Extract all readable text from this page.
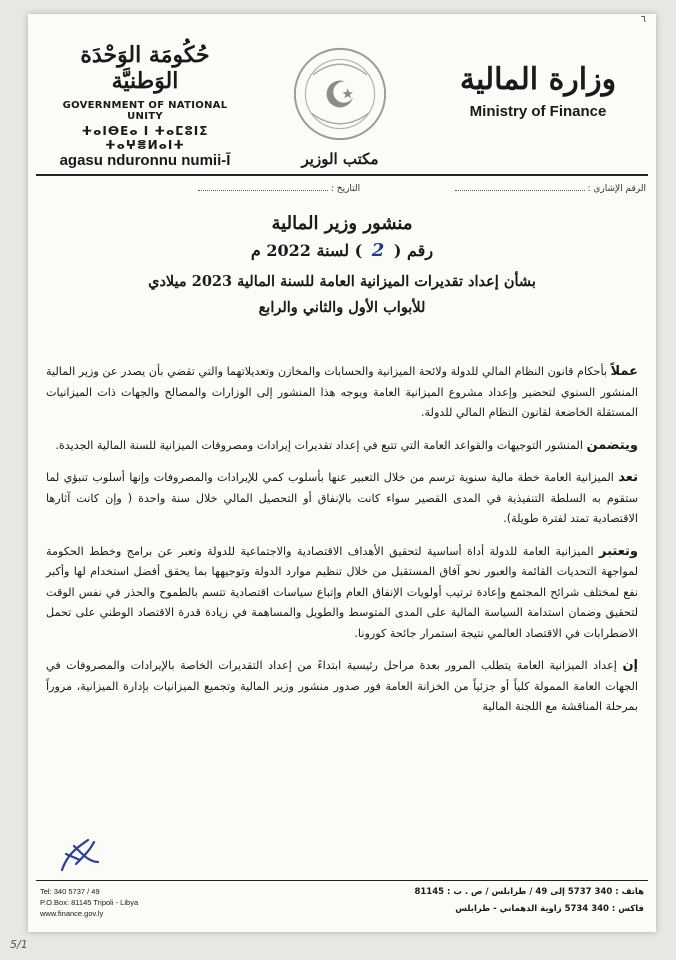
٦
حُكُومَة الوَحْدَة الوَطنيَّة
GOVERNMENT OF NATIONAL UNITY
ⵜⴰⵏⴱⴹⴰ ⵏ ⵜⴰⵎⵓⵏⵉ ⵜⴰⵖⴻⵍⴰⵏⵜ
agasu nduronnu numii-Ī	مكتب الوزير
وزارة المالية
Ministry of Finance
الرقم الإشاري :
التاريخ :
منشور وزير المالية
رقم ( 2 ) لسنة 2022 م
بشأن إعداد تقديرات الميزانية العامة للسنة المالية 2023 ميلادي
للأبواب الأول والثاني والرابع

عملاً بأحكام قانون النظام المالي للدولة ولائحة الميزانية والحسابات والمخازن وتعديلاتهما والتي تقضي بأن يصدر عن وزير المالية المنشور السنوي لتحضير وإعداد مشروع الميزانية العامة ويوجه هذا المنشور إلى الوزارات والمصالح والجهات ذات الميزانيات المستقلة الخاضعة لقانون النظام المالي للدولة.

ويتضمن المنشور التوجيهات والقواعد العامة التي تتبع في إعداد تقديرات إيرادات ومصروفات الميزانية للسنة المالية الجديدة.

تعد الميزانية العامة خطة مالية سنوية ترسم من خلال التعبير عنها بأسلوب كمي للإيرادات والمصروفات وإنها أسلوب تنبؤي لما ستقوم به السلطة التنفيذية في المدى القصير سواء كانت بالإنفاق أو التحصيل المالي خلال سنة واحدة ( وإن كانت آثارها الاقتصادية تمتد لفترة طويلة).

وتعتبر الميزانية العامة للدولة أداة أساسية لتحقيق الأهداف الاقتصادية والاجتماعية للدولة وتعبر عن برامج وخطط الحكومة لمواجهة التحديات القائمة والعبور نحو آفاق المستقبل من خلال تنظيم موارد الدولة وتوجيهها بما يحقق أفضل استخدام لها وأكبر نفع لمختلف شرائح المجتمع وإعادة ترتيب أولويات الإنفاق العام وإتباع سياسات اقتصادية تتسم بالطموح والحذر في نفس الوقت لتحقيق وضمان استدامة السياسة المالية على المدى المتوسط والطويل والمساهمة في زيادة قدرة الاقتصاد الوطني على تحمل الاضطرابات في الاقتصاد العالمي نتيجة استمرار جائحة كورونا.

إن إعداد الميزانية العامة يتطلب المرور بعدة مراحل رئيسية ابتداءً من إعداد التقديرات الخاصة بالإيرادات والمصروفات في الجهات العامة الممولة كلياً أو جزئياً من الخزانة العامة فور صدور منشور وزير المالية وتجميع الميزانيات بإدارة الميزانية، مروراً بمرحلة المناقشة مع اللجنة المالية

Tel: 340 5737 / 49
P.O.Box: 81145 Tripoli - Libya
www.finance.gov.ly
هاتف : 340 5737 إلى 49 / طرابلس / ص . ب : 81145
فاكس : 340 5734 زاوية الدهماني - طرابلس
5/1
